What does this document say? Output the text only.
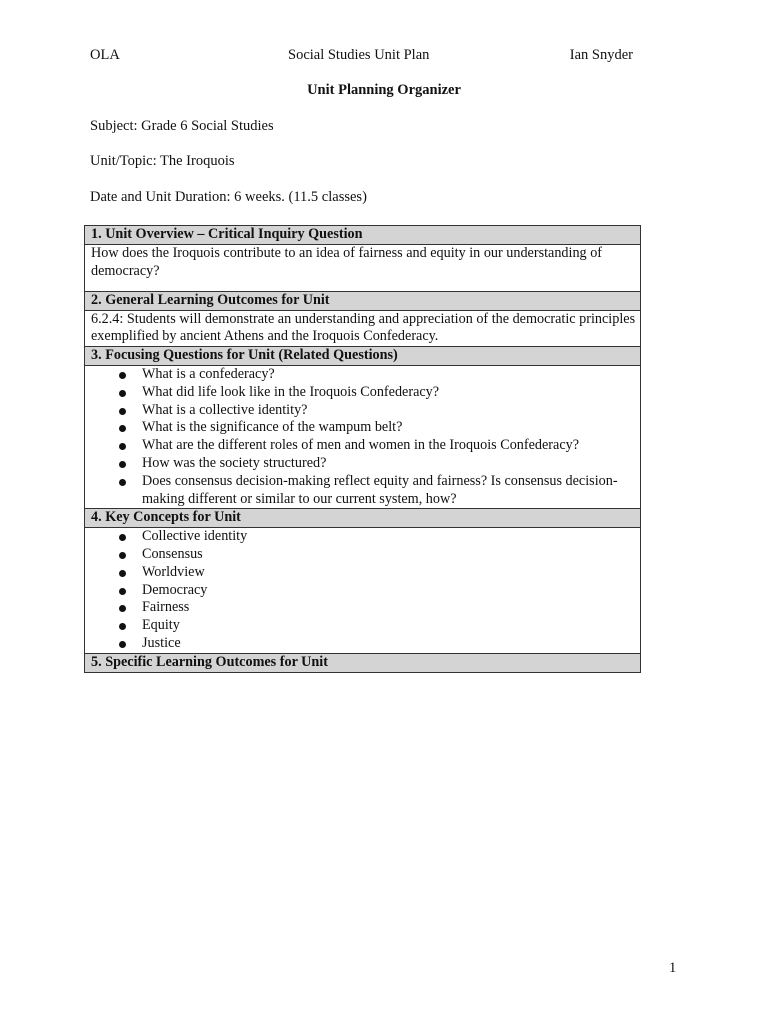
OLA	Social Studies Unit Plan	Ian Snyder
Unit Planning Organizer
Subject: Grade 6 Social Studies
Unit/Topic: The Iroquois
Date and Unit Duration: 6 weeks. (11.5 classes)
1. Unit Overview – Critical Inquiry Question
How does the Iroquois contribute to an idea of fairness and equity in our understanding of democracy?
2. General Learning Outcomes for Unit
6.2.4: Students will demonstrate an understanding and appreciation of the democratic principles exemplified by ancient Athens and the Iroquois Confederacy.
3. Focusing Questions for Unit (Related Questions)

What is a confederacy?
What did life look like in the Iroquois Confederacy?
What is a collective identity?
What is the significance of the wampum belt?
What are the different roles of men and women in the Iroquois Confederacy?
How was the society structured?
Does consensus decision-making reflect equity and fairness? Is consensus decision-making different or similar to our current system, how?

4. Key Concepts for Unit

Collective identity
Consensus
Worldview
Democracy
Fairness
Equity
Justice

5. Specific Learning Outcomes for Unit
1
